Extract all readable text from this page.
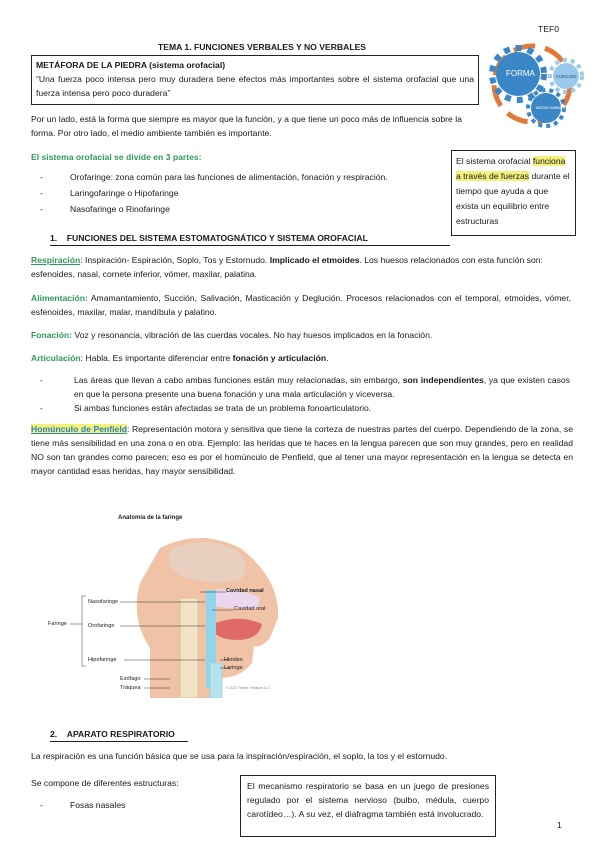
TEF0
TEMA 1. FUNCIONES VERBALES Y NO VERBALES
FORMA	FUNCIÓN
MEDIO AMBIENTE
METÁFORA DE LA PIEDRA (sistema orofacial)
“Una fuerza poco intensa pero muy duradera tiene efectos más importantes sobre el sistema orofacial que una fuerza intensa pero poco duradera”
Por un lado, está la forma que siempre es mayor que la función, y a que tiene un poco más de influencia sobre la forma. Por otro lado, el medio ambiente también es importante.
El sistema orofacial se divide en 3 partes:
-	Orofaringe: zona común para las funciones de alimentación, fonación y respiración.
-	Laringofaringe o Hipofaringe
-	Nasofaringe o Rinofaringe
El sistema orofacial funciona a través de fuerzas durante el tiempo que ayuda a que exista un equilibrio entre estructuras
1. FUNCIONES DEL SISTEMA ESTOMATOGNÁTICO Y SISTEMA OROFACIAL
Respiración: Inspiración- Espiración, Soplo, Tos y Estornudo. Implicado el etmoides. Los huesos relacionados con esta función son: esfenoides, nasal, cornete inferior, vómer, maxilar, palatina.
Alimentación: Amamantamiento, Succión, Salivación, Masticación y Deglución. Procesos relacionados con el temporal, etmoides, vómer, esfenoides, maxilar, malar, mandíbula y palatino.
Fonación: Voz y resonancia, vibración de las cuerdas vocales. No hay huesos implicados en la fonación.
Articulación: Habla. Es importante diferenciar entre fonación y articulación.
-	Las áreas que llevan a cabo ambas funciones están muy relacionadas, sin embargo, son independientes, ya que existen casos en que la persona presente una buena fonación y una mala articulación y viceversa.
-	Si ambas funciones están afectadas se trata de un problema fonoarticulatorio.
Homúnculo de Penfield: Representación motora y sensitiva que tiene la corteza de nuestras partes del cuerpo. Dependiendo de la zona, se tiene más sensibilidad en una zona o en otra. Ejemplo: las heridas que te haces en la lengua parecen que son muy grandes, pero en realidad NO son tan grandes como parecen; eso es por el homúnculo de Penfield, que al tener una mayor representación en la lengua se detecta en mayor cantidad esas heridas, hay mayor sensibilidad.
Anatomía de la faringe
Cavidad nasal
Cavidad oral
Nasofaringe
Faringe	Orofaringe
Hipofaringe	Hioides
Laringe
Esófago
Tráquea	© 2007 Terese Winslow LLC
2. APARATO RESPIRATORIO
La respiración es una función básica que se usa para la inspiración/espiración, el soplo, la tos y el estornudo.
Se compone de diferentes estructuras:
-	Fosas nasales
El mecanismo respiratorio se basa en un juego de presiones regulado por el sistema nervioso (bulbo, médula, cuerpo carotídeo…). A su vez, el diafragma también está involucrado.
1
